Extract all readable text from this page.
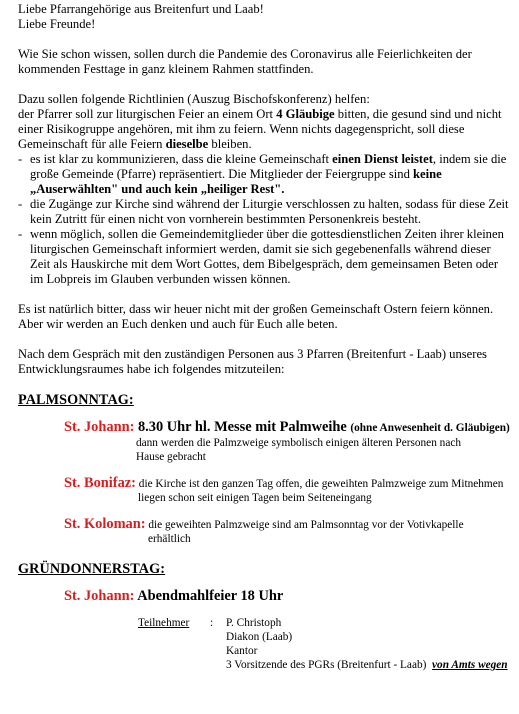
Liebe Pfarrangehörige aus Breitenfurt und Laab!

Liebe Freunde!

Wie Sie schon wissen, sollen durch die Pandemie des Coronavirus alle Feierlichkeiten der kommenden Festtage in ganz kleinem Rahmen stattfinden.

Dazu sollen folgende Richtlinien (Auszug Bischofskonferenz) helfen:

der Pfarrer soll zur liturgischen Feier an einem Ort 4 Gläubige bitten, die gesund sind und nicht einer Risikogruppe angehören, mit ihm zu feiern. Wenn nichts dagegenspricht, soll diese Gemeinschaft für alle Feiern dieselbe bleiben.

- es ist klar zu kommunizieren, dass die kleine Gemeinschaft einen Dienst leistet, indem sie die große Gemeinde (Pfarre) repräsentiert. Die Mitglieder der Feiergruppe sind keine „Auserwählten" und auch kein „heiliger Rest".

- die Zugänge zur Kirche sind während der Liturgie verschlossen zu halten, sodass für diese Zeit kein Zutritt für einen nicht von vornherein bestimmten Personenkreis besteht.

- wenn möglich, sollen die Gemeindemitglieder über die gottesdienstlichen Zeiten ihrer kleinen liturgischen Gemeinschaft informiert werden, damit sie sich gegebenenfalls während dieser Zeit als Hauskirche mit dem Wort Gottes, dem Bibelgespräch, dem gemeinsamen Beten oder im Lobpreis im Glauben verbunden wissen können.

Es ist natürlich bitter, dass wir heuer nicht mit der großen Gemeinschaft Ostern feiern können. Aber wir werden an Euch denken und auch für Euch alle beten.

Nach dem Gespräch mit den zuständigen Personen aus 3 Pfarren (Breitenfurt - Laab) unseres Entwicklungsraumes habe ich folgendes mitzuteilen:

PALMSONNTAG:
St. Johann: 8.30 Uhr hl. Messe mit Palmweihe (ohne Anwesenheit d. Gläubigen)
dann werden die Palmzweige symbolisch einigen älteren Personen nach
Hause gebracht
St. Bonifaz: die Kirche ist den ganzen Tag offen, die geweihten Palmzweige zum Mitnehmen
liegen schon seit einigen Tagen beim Seiteneingang
St. Koloman: die geweihten Palmzweige sind am Palmsonntag vor der Votivkapelle
erhältlich
GRÜNDONNERSTAG:
St. Johann: Abendmahlfeier 18 Uhr
Teilnehmer	:	P. Christoph
Diakon (Laab)
Kantor
3 Vorsitzende des PGRs (Breitenfurt - Laab)
von Amts wegen
